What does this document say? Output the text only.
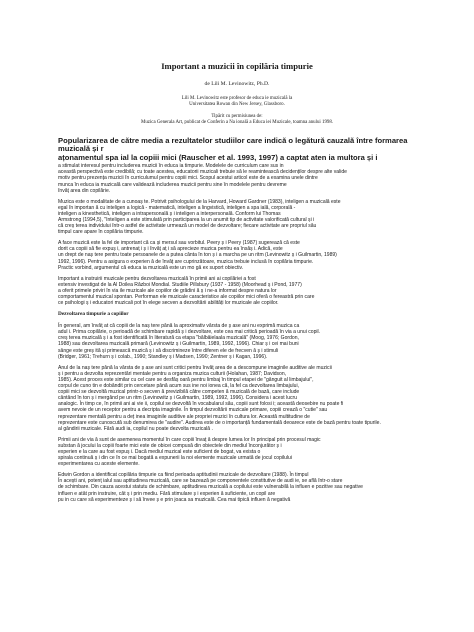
Important a muzicii în copilăria timpurie
de Lili M. Levinowitz, Ph.D.
Lili M. Levinowitz este profesor de educa ie muzicală la
Universitatea Rowan din New Jersey, Glassboro.
Tipărit cu permisiunea de:
Muzica Generala Art, publicat de Conferin a Na ională a Educa iei Muzicale, toamna anului 1998.
Popularizarea de către media a rezultatelor studiilor care indică o legătură cauzală între formarea muzicală și r
ațonamentul spa ial la copiii mici (Rauscher et al. 1993, 1997) a captat aten ia multora și i

a stimulat interesul pentru includerea muzicii în educa ia timpurie. Modelele de curriculum care sus in
această perspectivă este credibilă; cu toate acestea, educatorii muzicali trebuie să le reamintească decidenților despre alte valide
motiv pentru prezența muzicii în curriculumul pentru copiii mici. Scopul acestui articol este de a examina unele dintre
munca în educa ia muzicală care validează includerea muzicii pentru sine în modelele pentru devreme
învăț area din copilărie.

Muzica este o modalitate de a cunoaș te. Potrivit psihologului de la Harvard, Howard Gardner (1983), inteligen a muzicală este
egal în importan ă cu inteligen a logică - matematică, inteligen a lingvistică, inteligen a spa ială, corporală -
inteligen a kinesthetică, inteligen a intrapersonală ș i inteligen a interpersonală. Conform lui Thomas
Armstrong (1994,5), "Inteligen a este stimulată prin participarea la un anumit tip de activitate valorificată cultural și i
că creș terea individului într-o astfel de activitate urmează un model de dezvoltare; fiecare activitate are propriul său
timpul care apare în copilăria timpurie.

A face muzică este la fel de important că ca și mersul sau vorbitul. Peery ș i Peery (1987) sugerează că este
dorit ca copiii să fie expuș i, antrenaț i ș i învăț aț i să aprecieze muzica pentru ea însăș i. Adică, este
un drept de naș tere pentru toate persoanele de a putea cânta în ton ș i a marcha pe un ritm (Levinowitz ș i Guilmartin, 1989)
1992, 1996). Pentru a asigura o experien ă de învăț are cuprinzătoare, muzica trebuie inclusă în copilăria timpurie.
Practic vorbind, argumentul că educa ia muzicală este un mo gâ ex suport obiectiv.

Important a instruirii muzicale pentru dezvoltarea muzicală în primii ani ai copilăriei a fost
extensiv investigat de la Al Doilea Război Mondial. Studiile Pillsbury (1937 - 1958) (Moorhead ș i Pond, 1977)
a oferit primele priviri în via ile muzicale ale copiilor de grădini ă ș i ne-a informat despre natura lor
comportamentul muzical spontan. Performan ele muzicale caracteristice ale copiilor mici oferă o fereastră prin care
ce psihologi ș i educatori muzicali pot în elege secven a dezvoltării abilități lor muzicale ale copiilor.

Dezvoltarea timpurie a copiilor

În general, am învăț at că copiii de la naș tere până la aproximativ vârsta de ș ase ani nu exprimă muzica ca
adul i. Prima copilărie, o perioadă de schimbare rapidă ș i dezvoltare, este cea mai critică perioadă în via a unui copil.
creș terea muzicală ș i a fost identificată în literatură ca etapa "bâlbâielaala muzicală" (Moog, 1976; Gordon,
1988) sau dezvoltarea muzicală primară (Levinowitz ș i Guilmartin, 1989, 1992, 1996). Chiar ș i cei mai buni
sânge este greș ită și primească muzică ș i să discrimineze între diferen ele de frecven ă ș i stimuli
(Bridger, 1961; Trehurn ș i colab., 1990; Standley ș i Madsen, 1990; Zentner ș i Kagan, 1996).

Anul de la naș tere până la vârsta de ș ase ani sunt critici pentru învăț area de a descompune imaginile auditive ale muzicii
ș i pentru a dezvolta reprezentări mentale pentru a organiza muzica culturii (Holahan, 1987; Davidson,
1985). Acest proces este similar cu cel care se desfăș oară pentru limbaj în timpul etapei de "gânguit al limbajului",
corpul de cuno tin e dobândit prin cercetare până acum sus ine noi ionea că, la fel ca dezvoltarea limbajului,
copiii mici se dezvoltă muzical printr-o secven ă previzibilă către competen ă muzicală de bază, care include
cântând în ton ș i mergând pe un ritm (Levinowitz ș i Guilmartin, 1989, 1992, 1996). Considera i acest lucru
analogic. În timp ce, în primii ani ai vie ii, copilul se dezvoltă în vocabularul său, copiii sunt folosi i; această deosebire nu poate fi
avem nevoie de un receptor pentru a decripta imaginile. În timpul dezvoltării muzicale primare, copiii crează o "cutie" sau
reprezentare mentală pentru a deț inea imaginile auditive ale propriei muzici în cultura lor. Această multitudine de
reprezentare este cunoscută sub denumirea de "audire". Audirea este de o importanță fundamentală deoarece este de bază pentru toate tipurile.
al gândirii muzicale. Fără audi ia, copilul nu poate dezvolta muzicală .

Primii ani de via ă sunt de asemenea momentul în care copiii învaț ă despre lumea lor în principal prin procesul magic
substan ă jocului la copiii foarte mici este de obicei compusă din obiectele din mediul înconjurător ș i
experien e la care au fost expuș i. Dacă mediul muzical este suficient de bogat, va exista o
spirala continuă ș i din ce în ce mai bogată a expunerii la noi elemente muzicale urmată de jocul copilului
experimentarea cu aceste elemente.

Edwin Gordon a identificat copilăria timpurie ca fiind perioada aptitudinii muzicale de dezvoltare (1988). În timpul
În acești ani, potenț ialul sau aptitudinea muzicală, care se bazează pe componentele constitutive de audi ie, se află într-o stare
de schimbare. Din cauza acestui statutu de schimbare, aptitudinea muzicală a copilului este vulnerabilă la influen e pozitive sau negative
influen e atât prin instruire, cât ș i prin mediu. Fără stimulare ș i experien ă suficiente, un copil are
pu in cu care să experimenteze ș i să învee ș e prin joaca sa muzicală. Cea mai tipică influen ă negativă
